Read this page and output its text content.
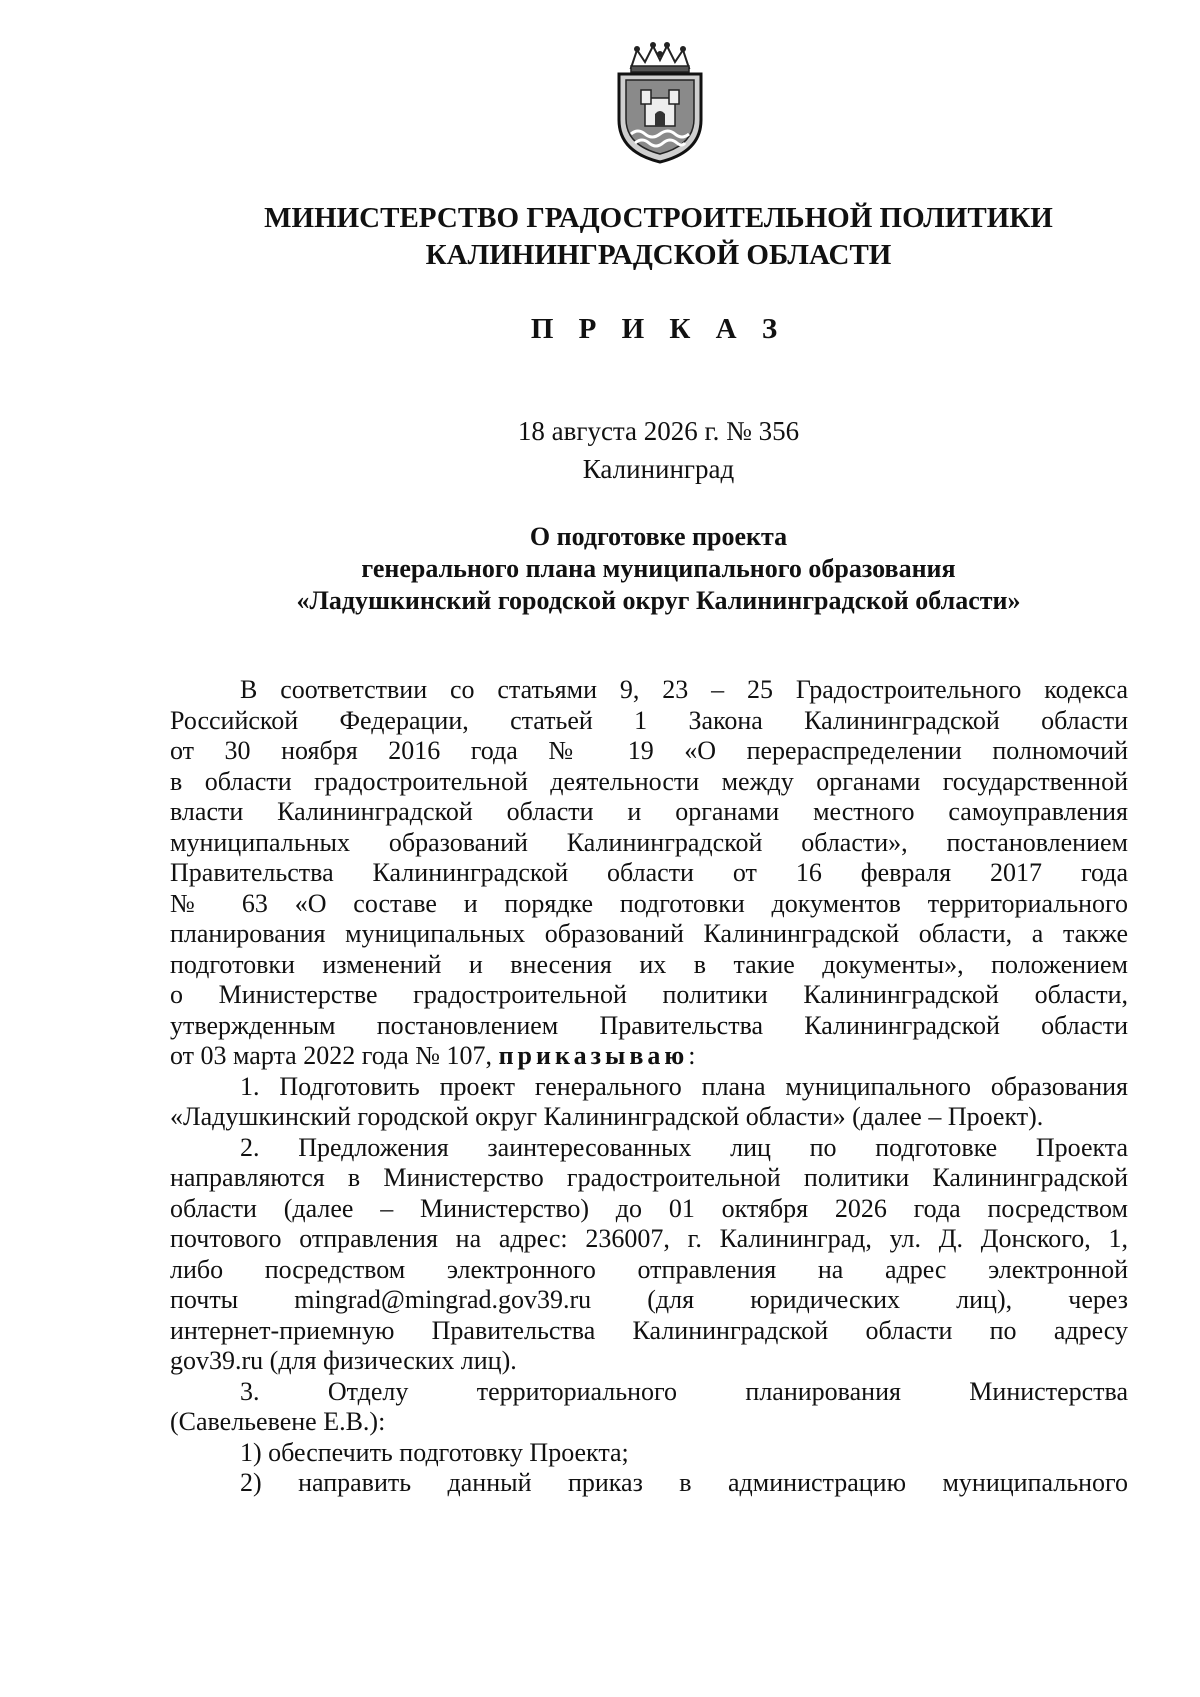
МИНИСТЕРСТВО ГРАДОСТРОИТЕЛЬНОЙ ПОЛИТИКИ
КАЛИНИНГРАДСКОЙ ОБЛАСТИ
П Р И К А З
18 августа 2026 г. № 356
Калининград
О подготовке проекта
генерального плана муниципального образования
«Ладушкинский городской округ Калининградской области»
В соответствии со статьями 9, 23 – 25 Градостроительного кодекса
Российской Федерации, статьей 1 Закона Калининградской области
от 30 ноября 2016 года № 19 «О перераспределении полномочий
в области градостроительной деятельности между органами государственной
власти Калининградской области и органами местного самоуправления
муниципальных образований Калининградской области», постановлением
Правительства Калининградской области от 16 февраля 2017 года
№ 63 «О составе и порядке подготовки документов территориального
планирования муниципальных образований Калининградской области, а также
подготовки изменений и внесения их в такие документы», положением
о Министерстве градостроительной политики Калининградской области,
утвержденным постановлением Правительства Калининградской области
от 03 марта 2022 года № 107, приказываю:
1. Подготовить проект генерального плана муниципального образования
«Ладушкинский городской округ Калининградской области» (далее – Проект).
2. Предложения заинтересованных лиц по подготовке Проекта
направляются в Министерство градостроительной политики Калининградской
области (далее – Министерство) до 01 октября 2026 года посредством
почтового отправления на адрес: 236007, г. Калининград, ул. Д. Донского, 1,
либо посредством электронного отправления на адрес электронной
почты mingrad@mingrad.gov39.ru (для юридических лиц), через
интернет-приемную Правительства Калининградской области по адресу
gov39.ru (для физических лиц).
3. Отделу территориального планирования Министерства
(Савельевене Е.В.):
1) обеспечить подготовку Проекта;
2) направить данный приказ в администрацию муниципального
